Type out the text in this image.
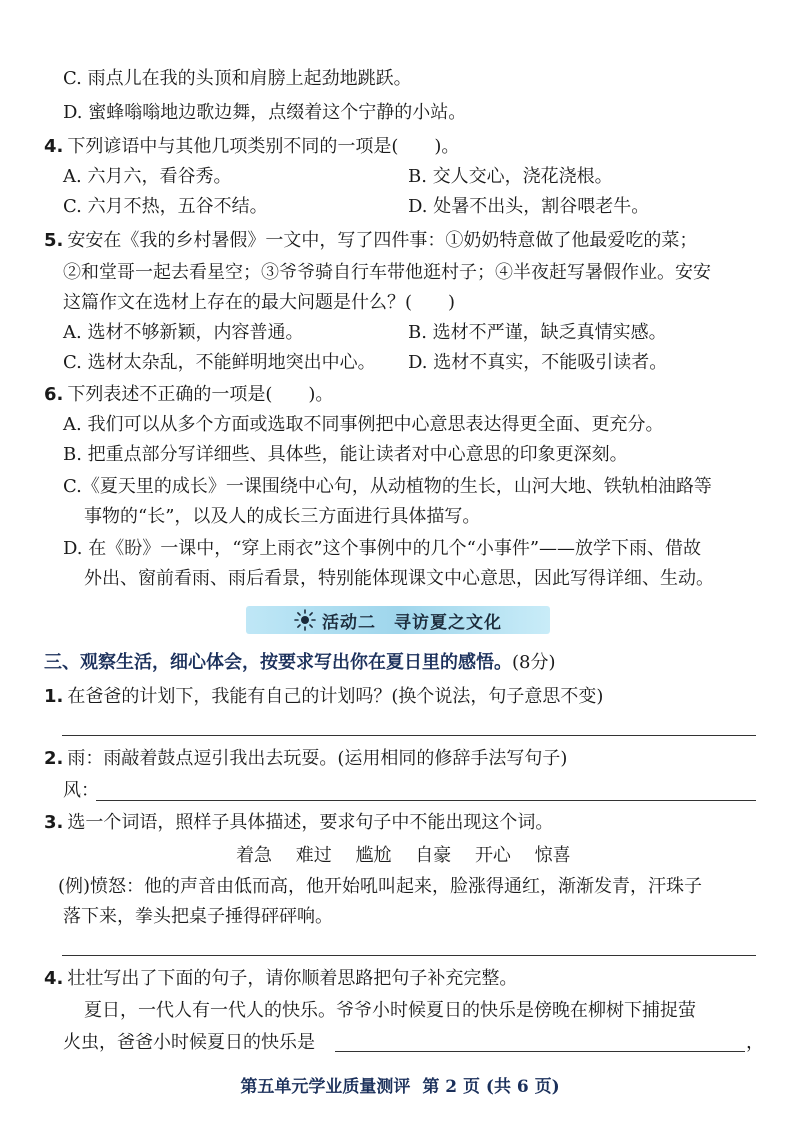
C. 雨点儿在我的头顶和肩膀上起劲地跳跃。
D. 蜜蜂嗡嗡地边歌边舞，点缀着这个宁静的小站。
4. 下列谚语中与其他几项类别不同的一项是(　　)。
A. 六月六，看谷秀。	B. 交人交心，浇花浇根。
C. 六月不热，五谷不结。	D. 处暑不出头，割谷喂老牛。
5. 安安在《我的乡村暑假》一文中，写了四件事：①奶奶特意做了他最爱吃的菜；
②和堂哥一起去看星空；③爷爷骑自行车带他逛村子；④半夜赶写暑假作业。安安
这篇作文在选材上存在的最大问题是什么？(　　)
A. 选材不够新颖，内容普通。	B. 选材不严谨，缺乏真情实感。
C. 选材太杂乱，不能鲜明地突出中心。 D. 选材不真实，不能吸引读者。
6. 下列表述不正确的一项是(　　)。
A. 我们可以从多个方面或选取不同事例把中心意思表达得更全面、更充分。
B. 把重点部分写详细些、具体些，能让读者对中心意思的印象更深刻。
C.《夏天里的成长》一课围绕中心句，从动植物的生长，山河大地、铁轨柏油路等
事物的“长”，以及人的成长三方面进行具体描写。
D. 在《盼》一课中，“穿上雨衣”这个事例中的几个“小事件”——放学下雨、借故
外出、窗前看雨、雨后看景，特别能体现课文中心意思，因此写得详细、生动。
活动二　寻访夏之文化
三、观察生活，细心体会，按要求写出你在夏日里的感悟。(8分)
1. 在爸爸的计划下，我能有自己的计划吗？(换个说法，句子意思不变)
2. 雨：雨敲着鼓点逗引我出去玩耍。(运用相同的修辞手法写句子)
风：
3. 选一个词语，照样子具体描述，要求句子中不能出现这个词。
着急 难过 尴尬 自豪 开心 惊喜
(例)愤怒：他的声音由低而高，他开始吼叫起来，脸涨得通红，渐渐发青，汗珠子
落下来，拳头把桌子捶得砰砰响。
4. 壮壮写出了下面的句子，请你顺着思路把句子补充完整。
夏日，一代人有一代人的快乐。爷爷小时候夏日的快乐是傍晚在柳树下捕捉萤
火虫，爸爸小时候夏日的快乐是	，
第五单元学业质量测评 第 2 页 (共 6 页)
